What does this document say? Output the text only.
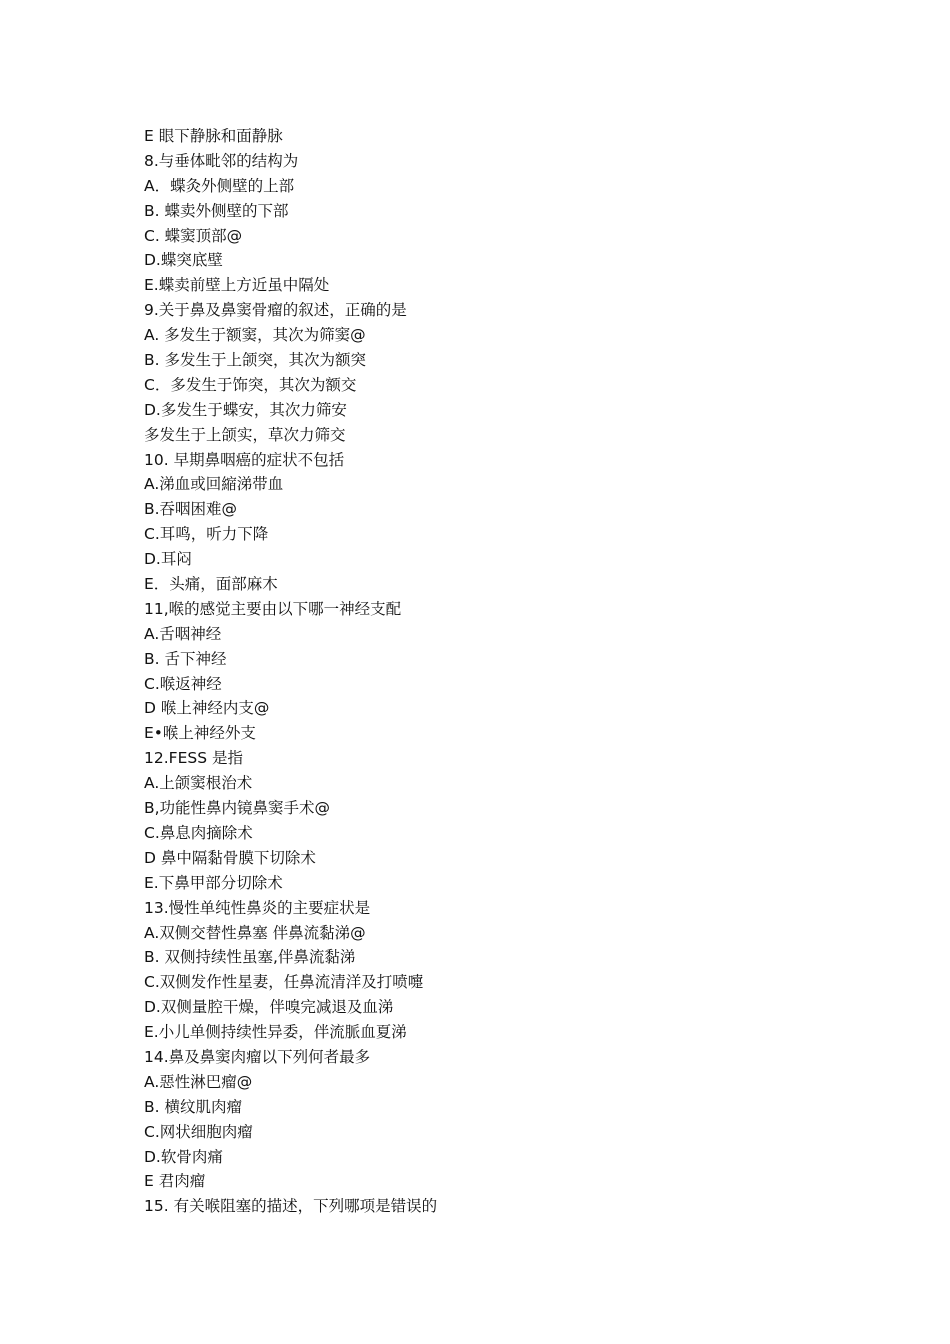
E 眼下静脉和面静脉
8.与垂体毗邻的结构为
A．蝶灸外侧壁的上部
B. 蝶卖外侧壁的下部
C. 蝶窦顶部@
D.蝶突底壁
E.蝶卖前壁上方近虽中隔处
9.关于鼻及鼻窦骨瘤的叙述，正确的是
A. 多发生于额窦，其次为筛窦@
B. 多发生于上颌突，其次为额突
C．多发生于饰突，其次为额交
D.多发生于蝶安，其次力筛安
多发生于上颌实，草次力筛交
10. 早期鼻咽癌的症状不包括
A.涕血或回縮涕带血
B.吞咽困难@
C.耳鸣，听力下降
D.耳闷
E．头痛，面部麻木
11,喉的感觉主要由以下哪一神经支配
A.舌咽神经
B. 舌下神经
C.喉返神经
D 喉上神经内支@
E•喉上神经外支
12.FESS 是指
A.上颌窦根治术
B,功能性鼻内镜鼻窦手术@
C.鼻息肉摘除术
D 鼻中隔黏骨膜下切除术
E.下鼻甲部分切除术
13.慢性单纯性鼻炎的主要症状是
A.双侧交替性鼻塞 伴鼻流黏涕@
B. 双侧持续性虽塞,伴鼻流黏涕
C.双侧发作性星妻，任鼻流清洋及打喷嚏
D.双侧量腔干燥，伴嗅完减退及血涕
E.小儿单侧持续性异委，伴流脈血夏涕
14.鼻及鼻窦肉瘤以下列何者最多
A.惡性淋巴瘤@
B. 横纹肌肉瘤
C.网状细胞肉瘤
D.软骨肉痛
E 君肉瘤
15. 有关喉阻塞的描述，下列哪项是错误的
